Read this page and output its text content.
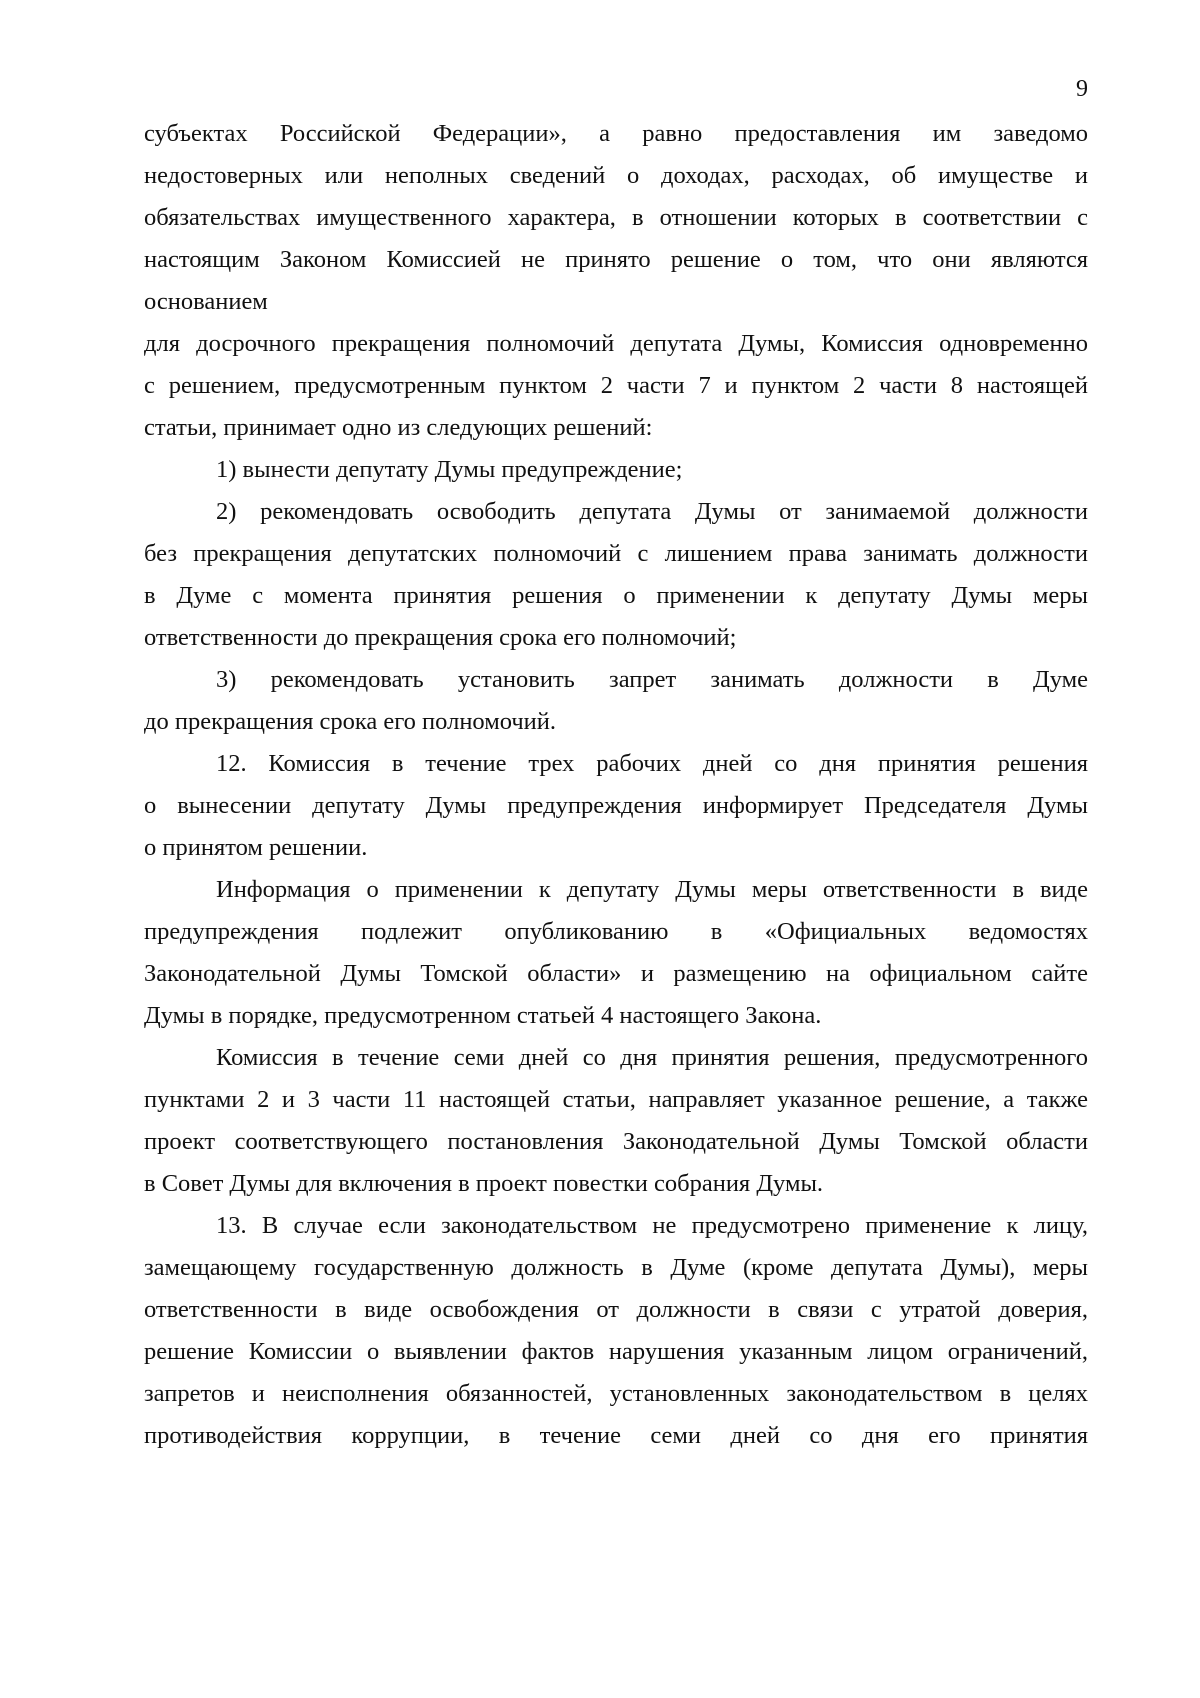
9
субъектах Российской Федерации», а равно предоставления им заведомо
недостоверных или неполных сведений о доходах, расходах, об имуществе и
обязательствах имущественного характера, в отношении которых в соответствии с
настоящим Законом Комиссией не принято решение о том, что они являются
основанием
для досрочного прекращения полномочий депутата Думы, Комиссия одновременно
с решением, предусмотренным пунктом 2 части 7 и пунктом 2 части 8 настоящей
статьи, принимает одно из следующих решений:
1) вынести депутату Думы предупреждение;
2) рекомендовать освободить депутата Думы от занимаемой должности
без прекращения депутатских полномочий с лишением права занимать должности
в Думе с момента принятия решения о применении к депутату Думы меры
ответственности до прекращения срока его полномочий;
3) рекомендовать установить запрет занимать должности в Думе
до прекращения срока его полномочий.
12. Комиссия в течение трех рабочих дней со дня принятия решения
о вынесении депутату Думы предупреждения информирует Председателя Думы
о принятом решении.
Информация о применении к депутату Думы меры ответственности в виде
предупреждения подлежит опубликованию в «Официальных ведомостях
Законодательной Думы Томской области» и размещению на официальном сайте
Думы в порядке, предусмотренном статьей 4 настоящего Закона.
Комиссия в течение семи дней со дня принятия решения, предусмотренного
пунктами 2 и 3 части 11 настоящей статьи, направляет указанное решение, а также
проект соответствующего постановления Законодательной Думы Томской области
в Совет Думы для включения в проект повестки собрания Думы.
13. В случае если законодательством не предусмотрено применение к лицу,
замещающему государственную должность в Думе (кроме депутата Думы), меры
ответственности в виде освобождения от должности в связи с утратой доверия,
решение Комиссии о выявлении фактов нарушения указанным лицом ограничений,
запретов и неисполнения обязанностей, установленных законодательством в целях
противодействия коррупции, в течение семи дней со дня его принятия
